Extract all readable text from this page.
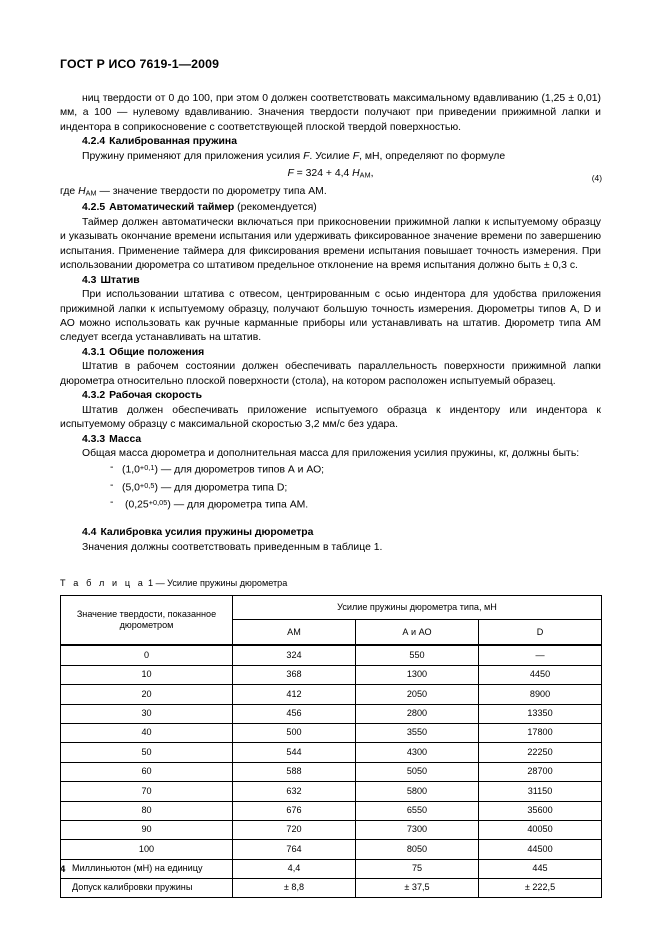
ГОСТ Р ИСО 7619-1—2009

ниц твердости от 0 до 100, при этом 0 должен соответствовать максимальному вдавливанию (1,25 ± 0,01) мм, а 100 — нулевому вдавливанию. Значения твердости получают при приведении прижимной лапки и индентора в соприкосновение с соответствующей плоской твердой поверхностью.

4.2.4 Калиброванная пружина

Пружину применяют для приложения усилия F. Усилие F, мН, определяют по формуле

F = 324 + 4,4 $H_{АМ}$,	(4)

где $H_{АМ}$ — значение твердости по дюрометру типа АМ.

4.2.5 Автоматический таймер (рекомендуется)

Таймер должен автоматически включаться при прикосновении прижимной лапки к испытуемому образцу и указывать окончание времени испытания или удерживать фиксированное значение времени по завершению испытания. Применение таймера для фиксирования времени испытания повышает точность измерения. При использовании дюрометра со штативом предельное отклонение на время испытания должно быть ± 0,3 с.

4.3 Штатив

При использовании штатива с отвесом, центрированным с осью индентора для удобства приложения прижимной лапки к испытуемому образцу, получают большую точность измерения. Дюрометры типов А, D и АО можно использовать как ручные карманные приборы или устанавливать на штатив. Дюрометр типа АМ следует всегда устанавливать на штатив.

4.3.1 Общие положения

Штатив в рабочем состоянии должен обеспечивать параллельность поверхности прижимной лапки дюрометра относительно плоской поверхности (стола), на котором расположен испытуемый образец.

4.3.2 Рабочая скорость

Штатив должен обеспечивать приложение испытуемого образца к индентору или индентора к испытуемому образцу с максимальной скоростью 3,2 мм/с без удара.

4.3.3 Масса

Общая масса дюрометра и дополнительная масса для приложения усилия пружины, кг, должны быть:

- $(1,0^{+0,1})$ — для дюрометров типов А и АО;
- $(5,0^{+0,5})$ — для дюрометра типа D;
- $(0,25^{+0,05})$ — для дюрометра типа АМ.
4.4 Калибровка усилия пружины дюрометра

Значения должны соответствовать приведенным в таблице 1.

Т а б л и ц а 1 — Усилие пружины дюрометра
Значение твердости, показанное дюрометром	Усилие пружины дюрометра типа, мН		
	АМ	А и АО	D
0	324	550	—
10	368	1300	4450
20	412	2050	8900
30	456	2800	13350
40	500	3550	17800
50	544	4300	22250
60	588	5050	28700
70	632	5800	31150
80	676	6550	35600
90	720	7300	40050
100	764	8050	44500
Миллиньютон (мН) на единицу	4,4	75	445
Допуск калибровки пружины	± 8,8	± 37,5	± 222,5
4
